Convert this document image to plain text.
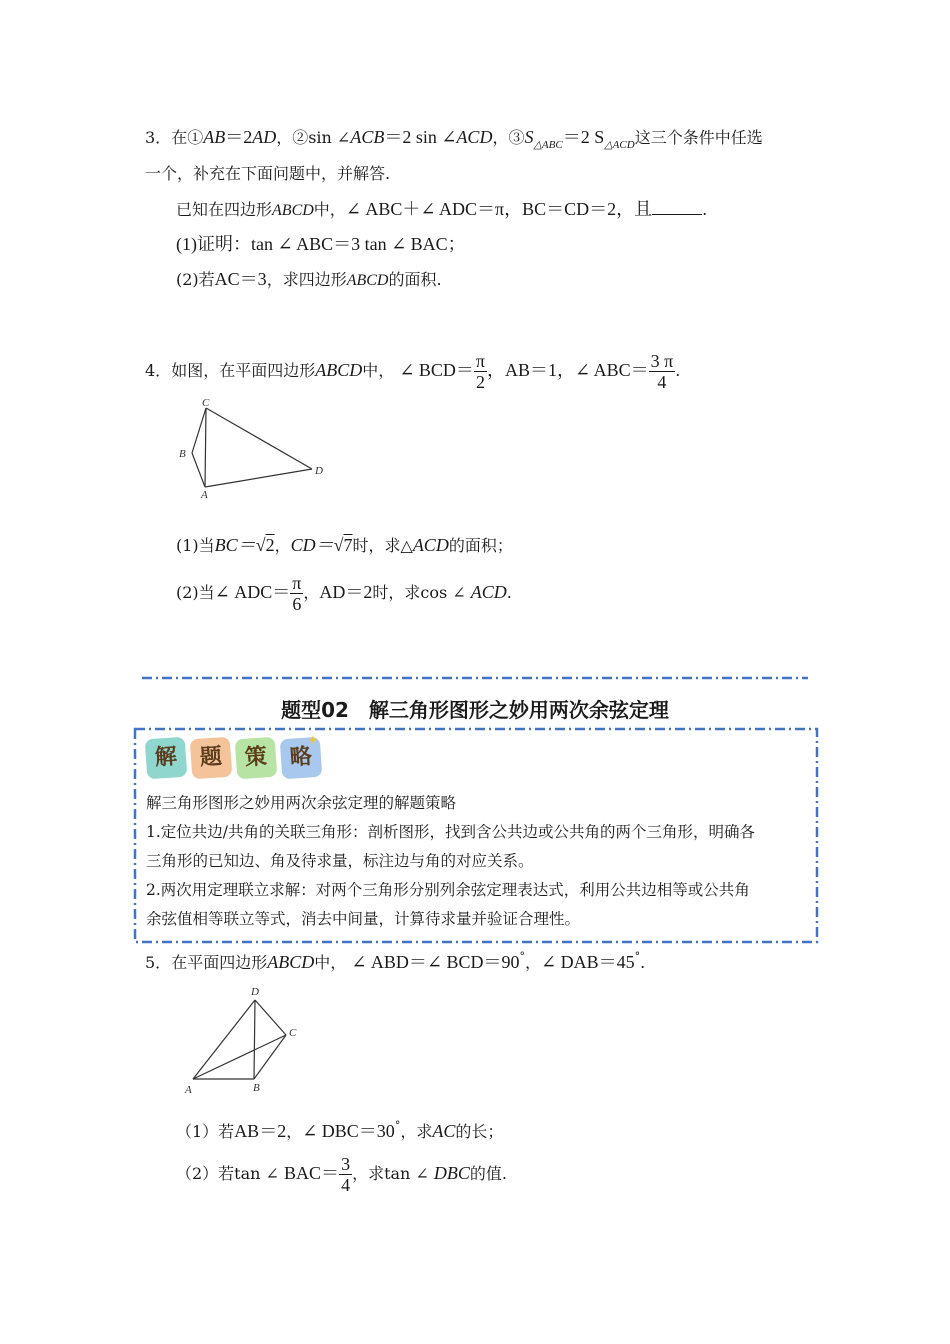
3．在①AB＝2AD，②sin ∠ACB＝2 sin ∠ACD，$③S_{\triangle ABC}=2$ $S_{\triangle ACD}$这三个条件中任选
一个，补充在下面问题中，并解答.
已知在四边形ABCD中，∠ ABC＋∠ ADC＝π，BC＝CD＝2，且	.
(1)证明：tan ∠ ABC＝3 tan ∠ BAC；
(2)若AC＝3，求四边形ABCD的面积.
4．如图，在平面四边形ABCD中， ∠ $BCD= \frac{\pi}{2}$ ，AB＝1，∠ $ABC= \frac{3 \pi}{4}$ .
C
B
A
D
(1)当BC＝√2，CD＝√7时，求△ACD的面积；
(2)当∠ $ADC= \frac{\pi}{6}$ ，AD＝2时，求cos ∠ ACD.
题型02　解三角形图形之妙用两次余弦定理
解 题 策 略
✦
解三角形图形之妙用两次余弦定理的解题策略
1.定位共边/共角的关联三角形：剖析图形，找到含公共边或公共角的两个三角形，明确各
三角形的已知边、角及待求量，标注边与角的对应关系。
2.两次用定理联立求解：对两个三角形分别列余弦定理表达式，利用公共边相等或公共角
余弦值相等联立等式，消去中间量，计算待求量并验证合理性。
5．在平面四边形ABCD中， ∠ ABD＝∠ BCD＝90°，∠ DAB＝45°.
D
C
A	B
（1）若AB＝2，∠ DBC＝30°，求AC的长；
（2）若tan ∠ $BAC= \frac{3}{4}$ ，求tan ∠ DBC的值.
